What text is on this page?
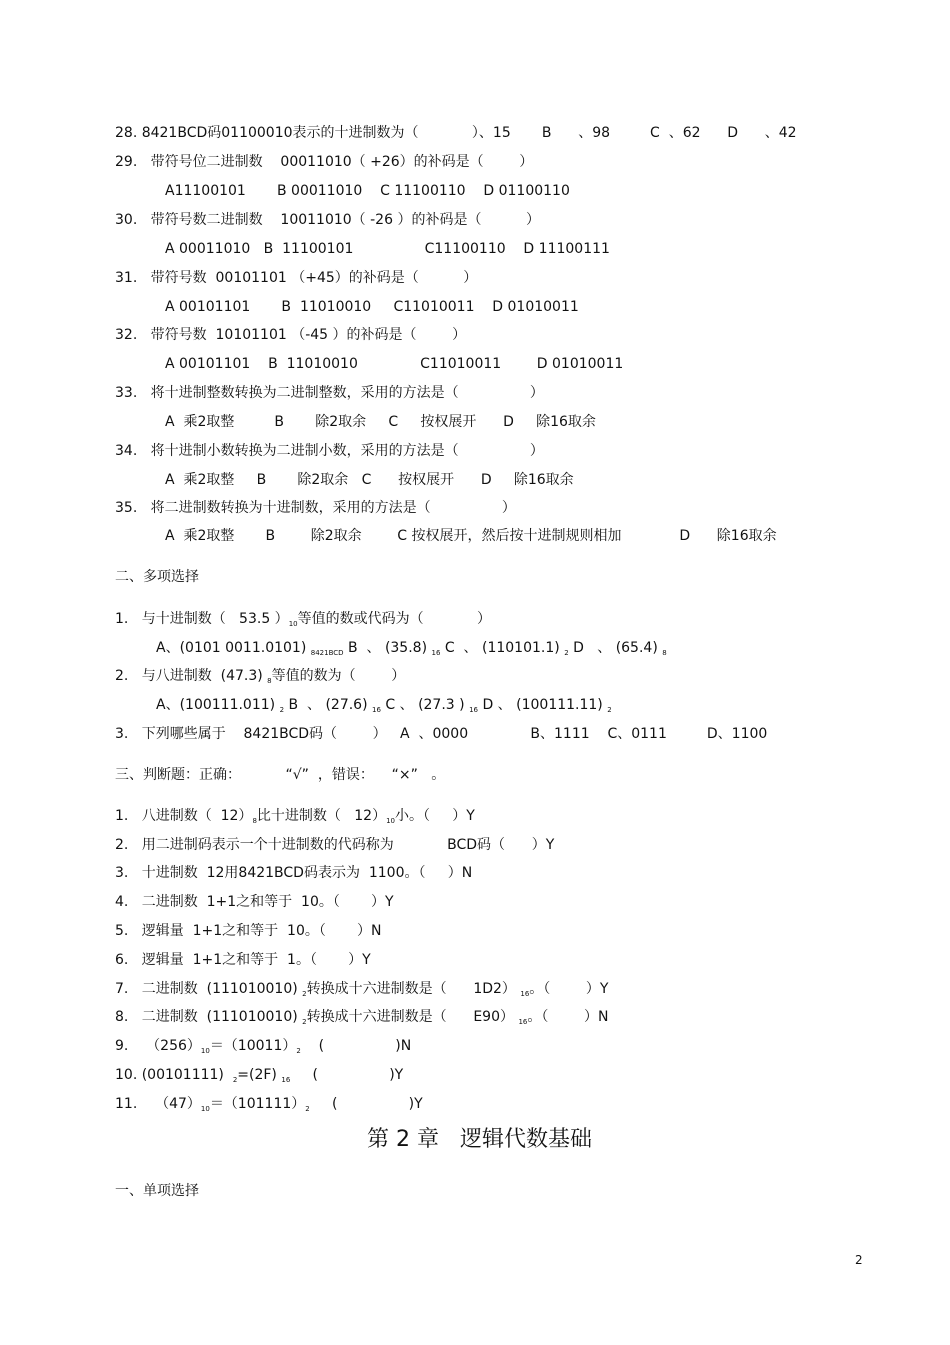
28. 8421BCD码01100010表示的十进制数为（            ）、15       B      、98         C  、62      D      、42
29.   带符号位二进制数    00011010（ +26）的补码是（        ）
A11100101       B 00011010    C 11100110    D 01100110
30.   带符号数二进制数    10011010（ -26 ）的补码是（          ）
A 00011010   B  11100101                C11100110    D 11100111
31.   带符号数  00101101 （+45）的补码是（          ）
A 00101101       B  11010010     C11010011    D 01010011
32.   带符号数  10101101 （-45 ）的补码是（        ）
A 00101101    B  11010010              C11010011        D 01010011
33.   将十进制整数转换为二进制整数，采用的方法是（                ）
A  乘2取整         B       除2取余     C     按权展开      D     除16取余
34.   将十进制小数转换为二进制小数，采用的方法是（                ）
A  乘2取整     B       除2取余   C      按权展开      D     除16取余
35.   将二进制数转换为十进制数，采用的方法是（                ）
A  乘2取整       B        除2取余        C 按权展开，然后按十进制规则相加             D      除16取余
二、多项选择
1.   与十进制数（   53.5 ）$_{10}$等值的数或代码为（            ）
A、(0101 0011.0101) $_{8421BCD}$ B  、 (35.8) $_{16}$ C  、 (110101.1) $_2$ D   、 (65.4) $_8$
2.   与八进制数  (47.3) $_8$等值的数为（        ）
A、(100111.011) $_2$ B  、 (27.6) $_{16}$ C 、 (27.3 ) $_{16}$ D 、 (100111.11) $_2$
3.   下列哪些属于    8421BCD码（        ）   A  、0000              B、1111    C、0111         D、1100
三、判断题：正确：          “√”  ，错误：    “×”   。
1.   八进制数（  $12)_8$比十进制数（   $12)_{10}$小。（     ）Y
2.   用二进制码表示一个十进制数的代码称为            BCD码（      ）Y
3.   十进制数  12用8421BCD码表示为  1100。（     ）N
4.   二进制数  1+1之和等于  10。（       ）Y
5.   逻辑量  1+1之和等于  10。（       ）N
6.   逻辑量  1+1之和等于  1。（       ）Y
7.   二进制数  (111010010) $_2$转换成十六进制数是（      1D2） $_{16}$。（        ）Y
8.   二进制数  (111010010) $_2$转换成十六进制数是（      E90） $_{16}$。（        ）N
9.    $(256)_{10}=(10011)_2$    (                )N
10. (00101111) $_2$=(2F) $_{16}$     (                )Y
11.    $(47)_{10}=(101111)_2$     (                )Y
第 2 章   逻辑代数基础
一、单项选择
2
